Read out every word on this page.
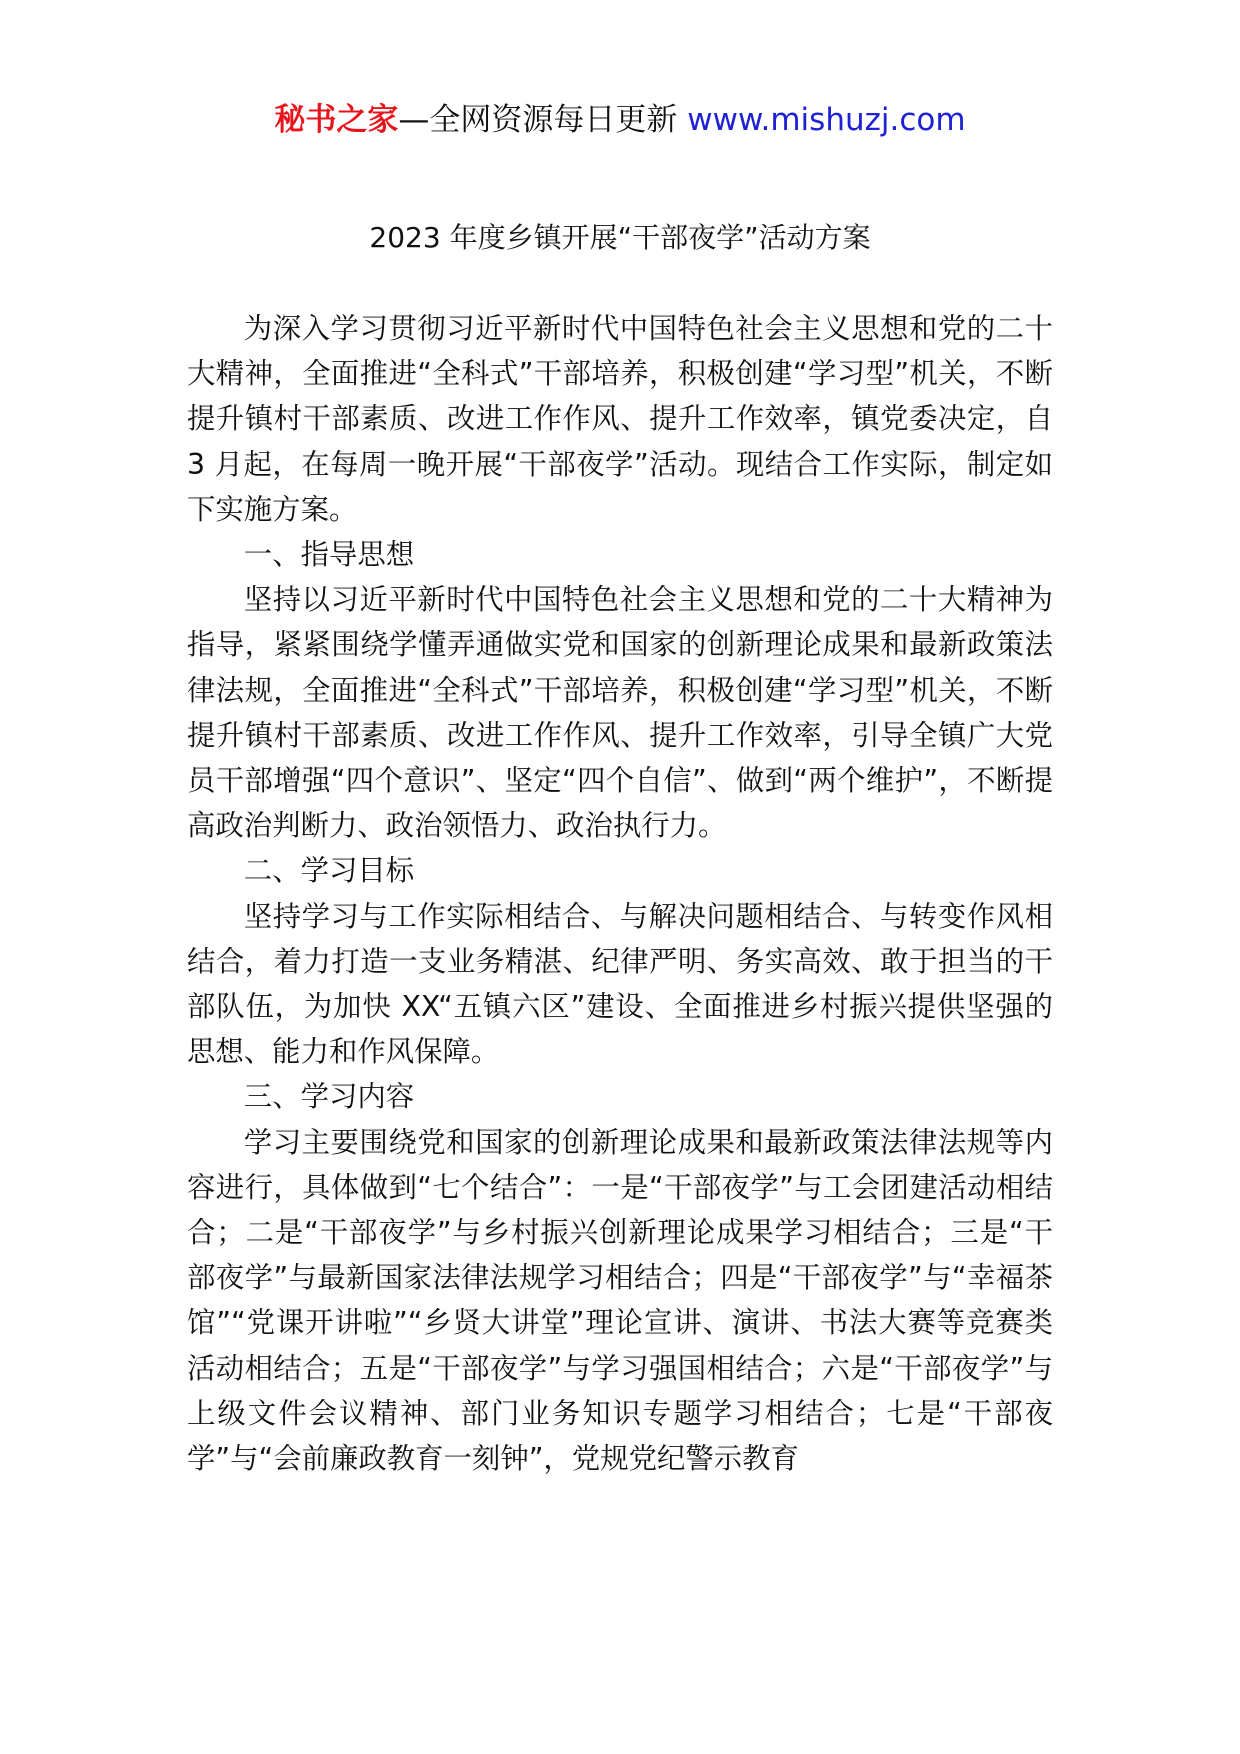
秘书之家—全网资源每日更新 www.mishuzj.com
2023 年度乡镇开展“干部夜学”活动方案

为深入学习贯彻习近平新时代中国特色社会主义思想和党的二十大精神，全面推进“全科式”干部培养，积极创建“学习型”机关，不断提升镇村干部素质、改进工作作风、提升工作效率，镇党委决定，自 3 月起，在每周一晚开展“干部夜学”活动。现结合工作实际，制定如下实施方案。

一、指导思想

坚持以习近平新时代中国特色社会主义思想和党的二十大精神为指导，紧紧围绕学懂弄通做实党和国家的创新理论成果和最新政策法律法规，全面推进“全科式”干部培养，积极创建“学习型”机关，不断提升镇村干部素质、改进工作作风、提升工作效率，引导全镇广大党员干部增强“四个意识”、坚定“四个自信”、做到“两个维护”，不断提高政治判断力、政治领悟力、政治执行力。

二、学习目标

坚持学习与工作实际相结合、与解决问题相结合、与转变作风相结合，着力打造一支业务精湛、纪律严明、务实高效、敢于担当的干部队伍，为加快 XX“五镇六区”建设、全面推进乡村振兴提供坚强的思想、能力和作风保障。

三、学习内容

学习主要围绕党和国家的创新理论成果和最新政策法律法规等内容进行，具体做到“七个结合”：一是“干部夜学”与工会团建活动相结合；二是“干部夜学”与乡村振兴创新理论成果学习相结合；三是“干部夜学”与最新国家法律法规学习相结合；四是“干部夜学”与“幸福茶馆”“党课开讲啦”“乡贤大讲堂”理论宣讲、演讲、书法大赛等竞赛类活动相结合；五是“干部夜学”与学习强国相结合；六是“干部夜学”与上级文件会议精神、部门业务知识专题学习相结合；七是“干部夜学”与“会前廉政教育一刻钟”，党规党纪警示教育
